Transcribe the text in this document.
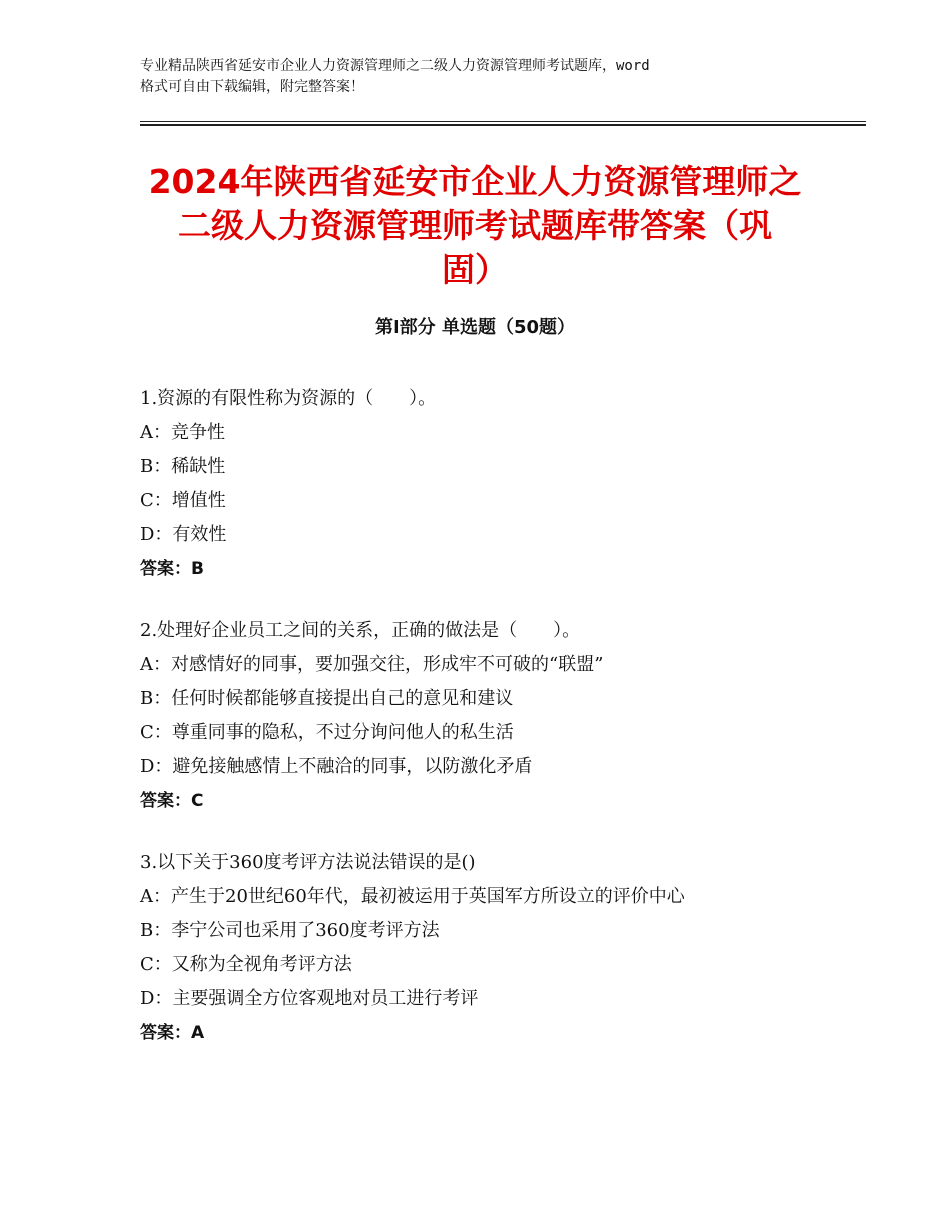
专业精品陕西省延安市企业人力资源管理师之二级人力资源管理师考试题库，word
格式可自由下载编辑，附完整答案！
2024年陕西省延安市企业人力资源管理师之
二级人力资源管理师考试题库带答案（巩
固）
第Ⅰ部分 单选题（50题）
1.资源的有限性称为资源的（　　）。
A：竞争性
B：稀缺性
C：增值性
D：有效性
答案：B
2.处理好企业员工之间的关系，正确的做法是（　　）。
A：对感情好的同事，要加强交往，形成牢不可破的“联盟”
B：任何时候都能够直接提出自己的意见和建议
C：尊重同事的隐私，不过分询问他人的私生活
D：避免接触感情上不融洽的同事，以防激化矛盾
答案：C
3.以下关于360度考评方法说法错误的是()
A：产生于20世纪60年代，最初被运用于英国军方所设立的评价中心
B：李宁公司也采用了360度考评方法
C：又称为全视角考评方法
D：主要强调全方位客观地对员工进行考评
答案：A
